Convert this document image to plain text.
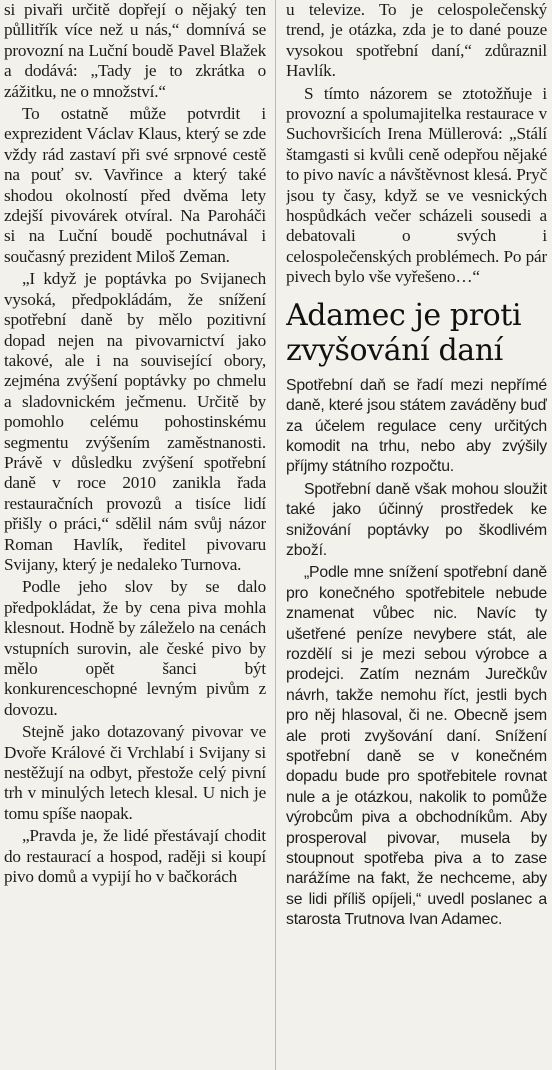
si pivaři určitě dopřejí o nějaký ten půllitřík více než u nás,“ domnívá se provozní na Luční boudě Pavel Blažek a dodává: „Tady je to zkrátka o zážitku, ne o množství.“

To ostatně může potvrdit i exprezident Václav Klaus, který se zde vždy rád zastaví při své srpnové cestě na pouť sv. Vavřince a který také shodou okolností před dvěma lety zdejší pivovárek otvíral. Na Paroháči si na Luční boudě pochutnával i současný prezident Miloš Zeman.

„I když je poptávka po Svijanech vysoká, předpokládám, že snížení spotřební daně by mělo pozitivní dopad nejen na pivovarnictví jako takové, ale i na související obory, zejména zvýšení poptávky po chmelu a sladovnickém ječmenu. Určitě by pomohlo celému pohostinskému segmentu zvýšením zaměstnanosti. Právě v důsledku zvýšení spotřební daně v roce 2010 zanikla řada restauračních provozů a tisíce lidí přišly o práci,“ sdělil nám svůj názor Roman Havlík, ředitel pivovaru Svijany, který je nedaleko Turnova.

Podle jeho slov by se dalo předpokládat, že by cena piva mohla klesnout. Hodně by záleželo na cenách vstupních surovin, ale české pivo by mělo opět šanci být konkurenceschopné levným pivům z dovozu.

Stejně jako dotazovaný pivovar ve Dvoře Králové či Vrchlabí i Svijany si nestěžují na odbyt, přestože celý pivní trh v minulých letech klesal. U nich je tomu spíše naopak.

„Pravda je, že lidé přestávají chodit do restaurací a hospod, raději si koupí pivo domů a vypijí ho v bačkorách

u televize. To je celospolečenský trend, je otázka, zda je to dané pouze vysokou spotřební daní,“ zdůraznil Havlík.

S tímto názorem se ztotožňuje i provozní a spolumajitelka restaurace v Suchovršicích Irena Müllerová: „Stálí štamgasti si kvůli ceně odepřou nějaké to pivo navíc a návštěvnost klesá. Pryč jsou ty časy, když se ve vesnických hospůdkách večer scházeli sousedi a debatovali o svých i celospolečenských problémech. Po pár pivech bylo vše vyřešeno…“

Adamec je proti zvyšování daní

Spotřební daň se řadí mezi nepřímé daně, které jsou státem zaváděny buď za účelem regulace ceny určitých komodit na trhu, nebo aby zvýšily příjmy státního rozpočtu.

Spotřební daně však mohou sloužit také jako účinný prostředek ke snižování poptávky po škodlivém zboží.

„Podle mne snížení spotřební daně pro konečného spotřebitele nebude znamenat vůbec nic. Navíc ty ušetřené peníze nevybere stát, ale rozdělí si je mezi sebou výrobce a prodejci. Zatím neznám Jurečkův návrh, takže nemohu říct, jestli bych pro něj hlasoval, či ne. Obecně jsem ale proti zvyšování daní. Snížení spotřební daně se v konečném dopadu bude pro spotřebitele rovnat nule a je otázkou, nakolik to pomůže výrobcům piva a obchodníkům. Aby prosperoval pivovar, musela by stoupnout spotřeba piva a to zase narážíme na fakt, že nechceme, aby se lidi příliš opíjeli,“ uvedl poslanec a starosta Trutnova Ivan Adamec.
